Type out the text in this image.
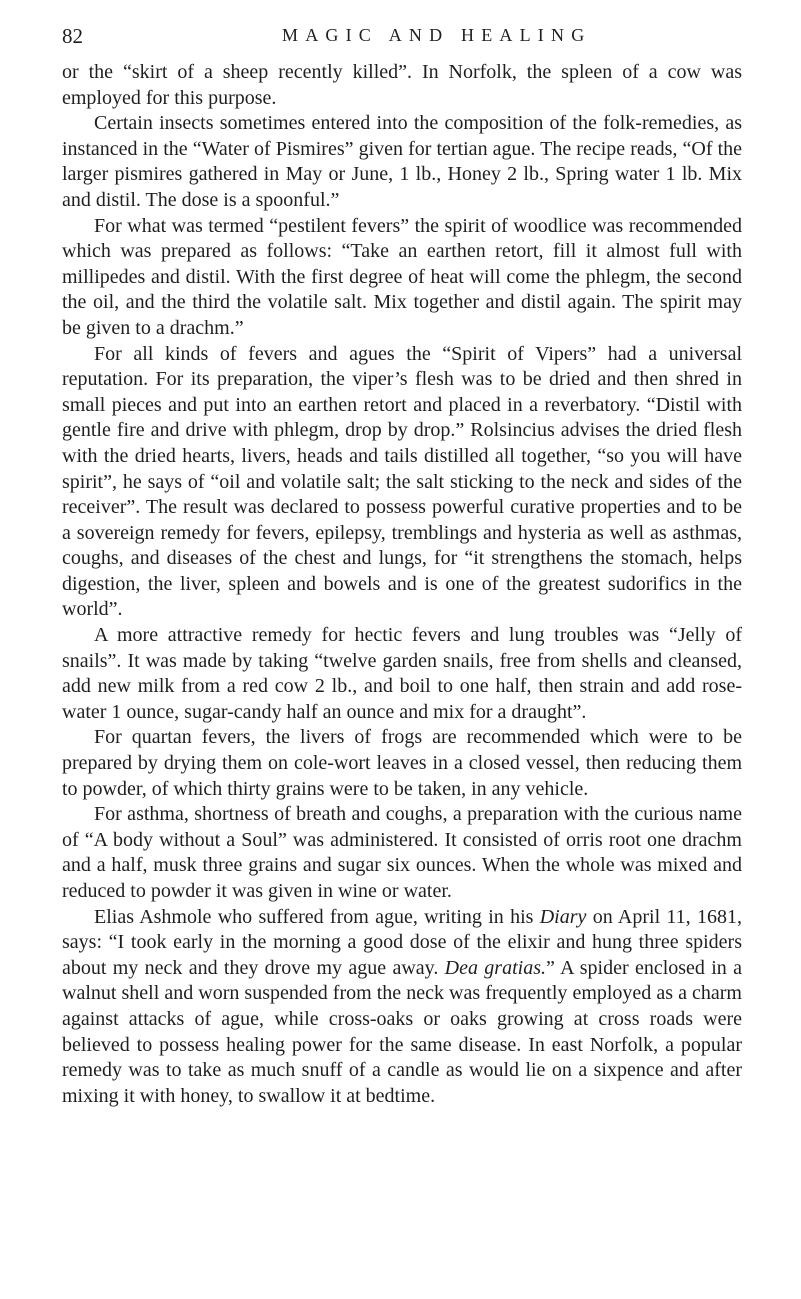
82	MAGIC AND HEALING

or the “skirt of a sheep recently killed”. In Norfolk, the spleen of a cow was employed for this purpose.

Certain insects sometimes entered into the composition of the folk-remedies, as instanced in the “Water of Pismires” given for tertian ague. The recipe reads, “Of the larger pismires gathered in May or June, 1 lb., Honey 2 lb., Spring water 1 lb. Mix and distil. The dose is a spoonful.”

For what was termed “pestilent fevers” the spirit of woodlice was recommended which was prepared as follows: “Take an earthen retort, fill it almost full with millipedes and distil. With the first degree of heat will come the phlegm, the second the oil, and the third the volatile salt. Mix together and distil again. The spirit may be given to a drachm.”

For all kinds of fevers and agues the “Spirit of Vipers” had a universal reputation. For its preparation, the viper’s flesh was to be dried and then shred in small pieces and put into an earthen retort and placed in a reverbatory. “Distil with gentle fire and drive with phlegm, drop by drop.” Rolsincius advises the dried flesh with the dried hearts, livers, heads and tails distilled all together, “so you will have spirit”, he says of “oil and volatile salt; the salt sticking to the neck and sides of the receiver”. The result was declared to possess powerful curative properties and to be a sovereign remedy for fevers, epilepsy, tremblings and hysteria as well as asthmas, coughs, and diseases of the chest and lungs, for “it strengthens the stomach, helps digestion, the liver, spleen and bowels and is one of the greatest sudorifics in the world”.

A more attractive remedy for hectic fevers and lung troubles was “Jelly of snails”. It was made by taking “twelve garden snails, free from shells and cleansed, add new milk from a red cow 2 lb., and boil to one half, then strain and add rose-water 1 ounce, sugar-candy half an ounce and mix for a draught”.

For quartan fevers, the livers of frogs are recommended which were to be prepared by drying them on cole-wort leaves in a closed vessel, then reducing them to powder, of which thirty grains were to be taken, in any vehicle.

For asthma, shortness of breath and coughs, a preparation with the curious name of “A body without a Soul” was administered. It consisted of orris root one drachm and a half, musk three grains and sugar six ounces. When the whole was mixed and reduced to powder it was given in wine or water.

Elias Ashmole who suffered from ague, writing in his Diary on April 11, 1681, says: “I took early in the morning a good dose of the elixir and hung three spiders about my neck and they drove my ague away. Dea gratias.” A spider enclosed in a walnut shell and worn suspended from the neck was frequently employed as a charm against attacks of ague, while cross-oaks or oaks growing at cross roads were believed to possess healing power for the same disease. In east Norfolk, a popular remedy was to take as much snuff of a candle as would lie on a sixpence and after mixing it with honey, to swallow it at bedtime.
